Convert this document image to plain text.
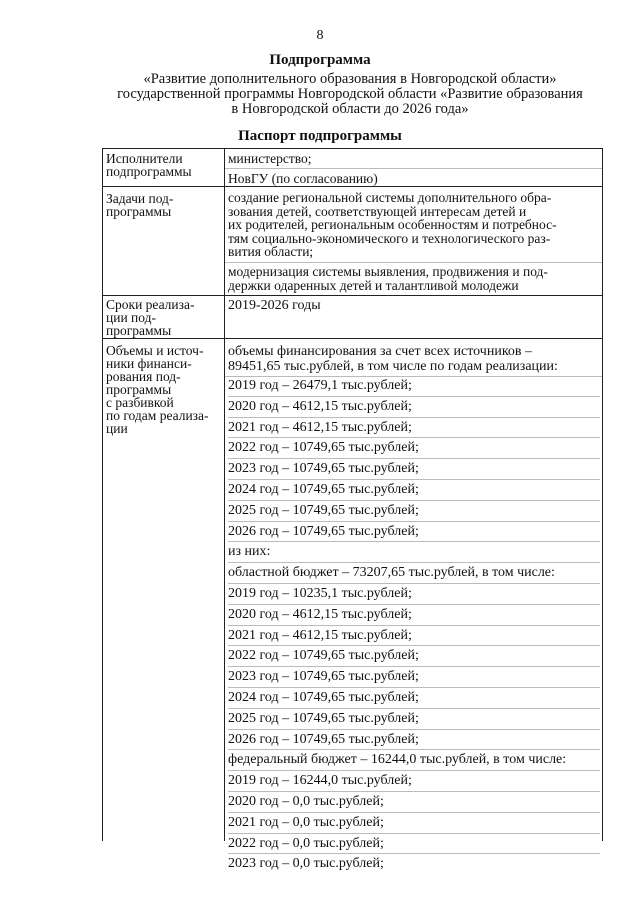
8
Подпрограмма
«Развитие дополнительного образования в Новгородской области»
государственной программы Новгородской области «Развитие образования
в Новгородской области до 2026 года»
Паспорт подпрограммы
Исполнители
подпрограммы
министерство;
НовГУ (по согласованию)
Задачи под-
программы
создание региональной системы дополнительного обра-
зования детей, соответствующей интересам детей и
их родителей, региональным особенностям и потребнос-
тям социально-экономического и технологического раз-
вития области;
модернизация системы выявления, продвижения и под-
держки одаренных детей и талантливой молодежи
Сроки реализа-
ции под-
программы
2019-2026 годы
Объемы и источ-
ники финанси-
рования под-
программы
с разбивкой
по годам реализа-
ции
объемы финансирования за счет всех источников –
89451,65 тыс.рублей, в том числе по годам реализации:
2019 год – 26479,1 тыс.рублей;
2020 год – 4612,15 тыс.рублей;
2021 год – 4612,15 тыс.рублей;
2022 год – 10749,65 тыс.рублей;
2023 год – 10749,65 тыс.рублей;
2024 год – 10749,65 тыс.рублей;
2025 год – 10749,65 тыс.рублей;
2026 год – 10749,65 тыс.рублей;
из них:
областной бюджет – 73207,65 тыс.рублей, в том числе:
2019 год – 10235,1 тыс.рублей;
2020 год – 4612,15 тыс.рублей;
2021 год – 4612,15 тыс.рублей;
2022 год – 10749,65 тыс.рублей;
2023 год – 10749,65 тыс.рублей;
2024 год – 10749,65 тыс.рублей;
2025 год – 10749,65 тыс.рублей;
2026 год – 10749,65 тыс.рублей;
федеральный бюджет – 16244,0 тыс.рублей, в том числе:
2019 год – 16244,0 тыс.рублей;
2020 год – 0,0 тыс.рублей;
2021 год – 0,0 тыс.рублей;
2022 год – 0,0 тыс.рублей;
2023 год – 0,0 тыс.рублей;
